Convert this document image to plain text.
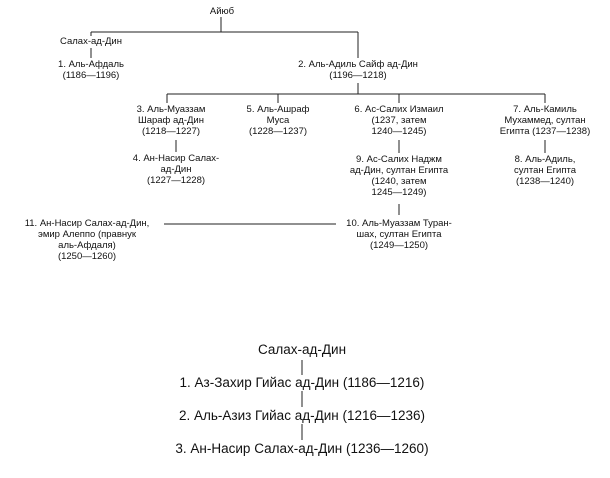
Айюб
Салах-ад-Дин
1. Аль-Афдаль
(1186—1196)
2. Аль-Адиль Сайф ад-Дин
(1196—1218)
3. Аль-Муаззам
Шараф ад-Дин
(1218—1227)
4. Ан-Насир Салах-
ад-Дин
(1227—1228)
5. Аль-Ашраф
Муса
(1228—1237)
6. Ас-Салих Измаил
(1237, затем
1240—1245)
7. Аль-Камиль
Мухаммед, султан
Египта (1237—1238)
8. Аль-Адиль,
султан Египта
(1238—1240)
9. Ас-Салих Наджм
ад-Дин, султан Египта
(1240, затем
1245—1249)
10. Аль-Муаззам Туран-
шах, султан Египта
(1249—1250)
11. Ан-Насир Салах-ад-Дин,
эмир Алеппо (правнук
аль-Афдаля)
(1250—1260)
Салах-ад-Дин
1. Аз-Захир Гийас ад-Дин (1186—1216)
2. Аль-Азиз Гийас ад-Дин (1216—1236)
3. Ан-Насир Салах-ад-Дин (1236—1260)
